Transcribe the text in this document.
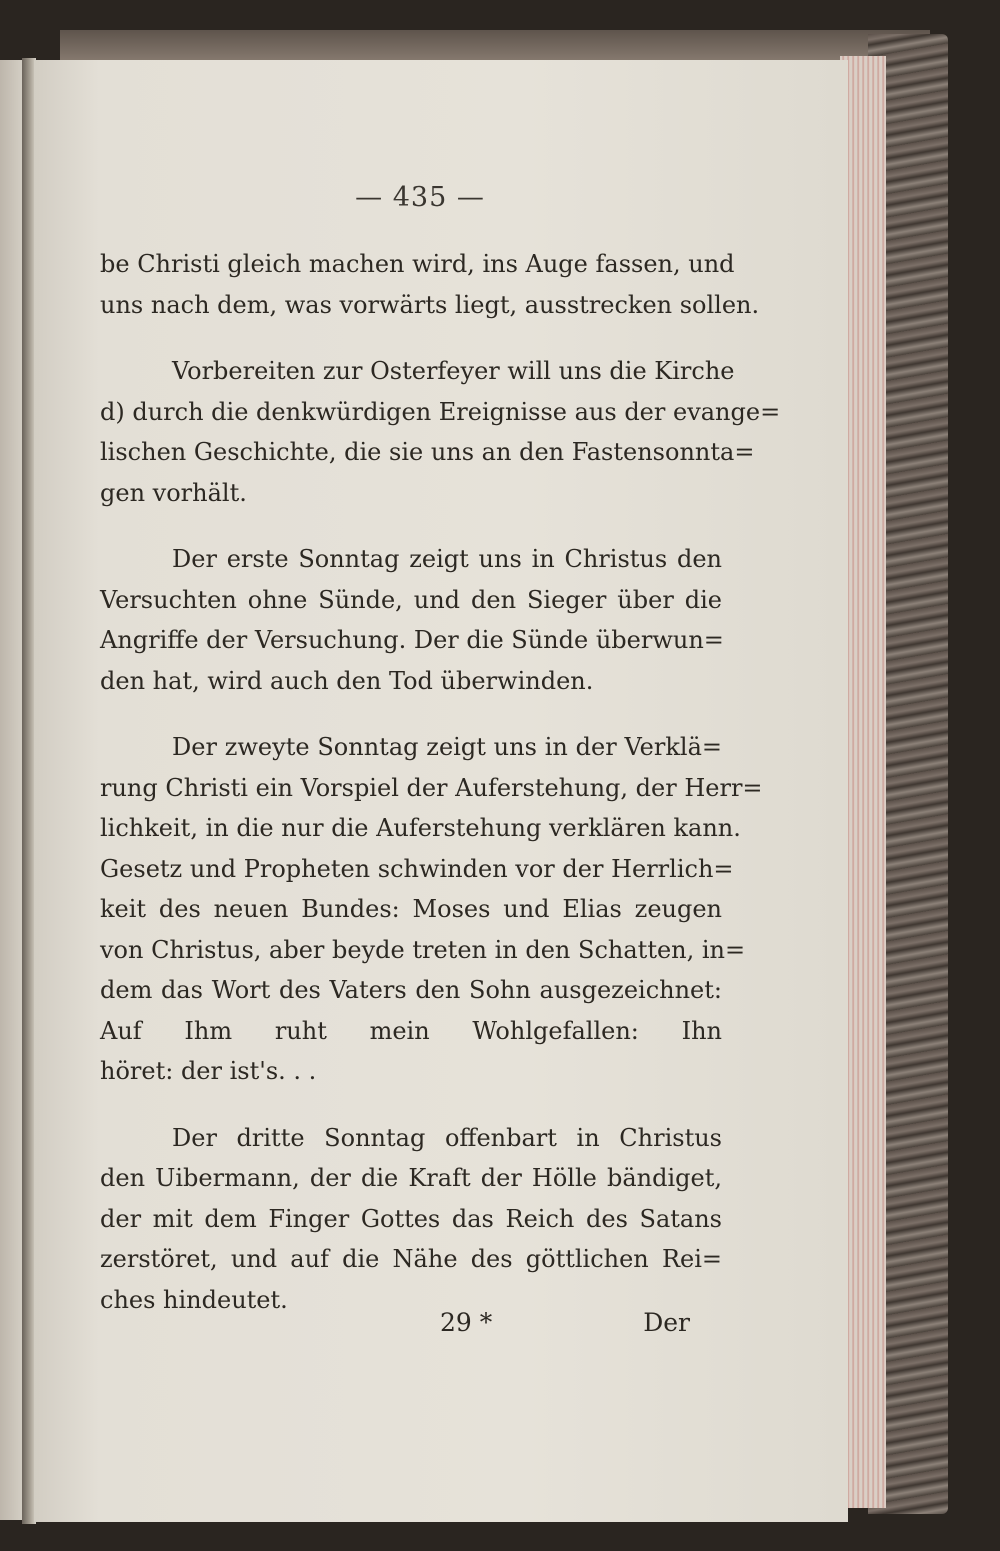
— 435 —
be Christi gleich machen wird, ins Auge fassen, und
uns nach dem, was vorwärts liegt, ausstrecken sollen.
Vorbereiten zur Osterfeyer will uns die Kirche
d) durch die denkwürdigen Ereignisse aus der evange=
lischen Geschichte, die sie uns an den Fastensonnta=
gen vorhält.
Der erste Sonntag zeigt uns in Christus den
Versuchten ohne Sünde, und den Sieger über die
Angriffe der Versuchung. Der die Sünde überwun=
den hat, wird auch den Tod überwinden.
Der zweyte Sonntag zeigt uns in der Verklä=
rung Christi ein Vorspiel der Auferstehung, der Herr=
lichkeit, in die nur die Auferstehung verklären kann.
Gesetz und Propheten schwinden vor der Herrlich=
keit des neuen Bundes: Moses und Elias zeugen
von Christus, aber beyde treten in den Schatten, in=
dem das Wort des Vaters den Sohn ausgezeichnet:
Auf Ihm ruht mein Wohlgefallen: Ihn
höret: der ist's. . .
Der dritte Sonntag offenbart in Christus
den Uibermann, der die Kraft der Hölle bändiget,
der mit dem Finger Gottes das Reich des Satans
zerstöret, und auf die Nähe des göttlichen Rei=
ches hindeutet.
29 *	Der
